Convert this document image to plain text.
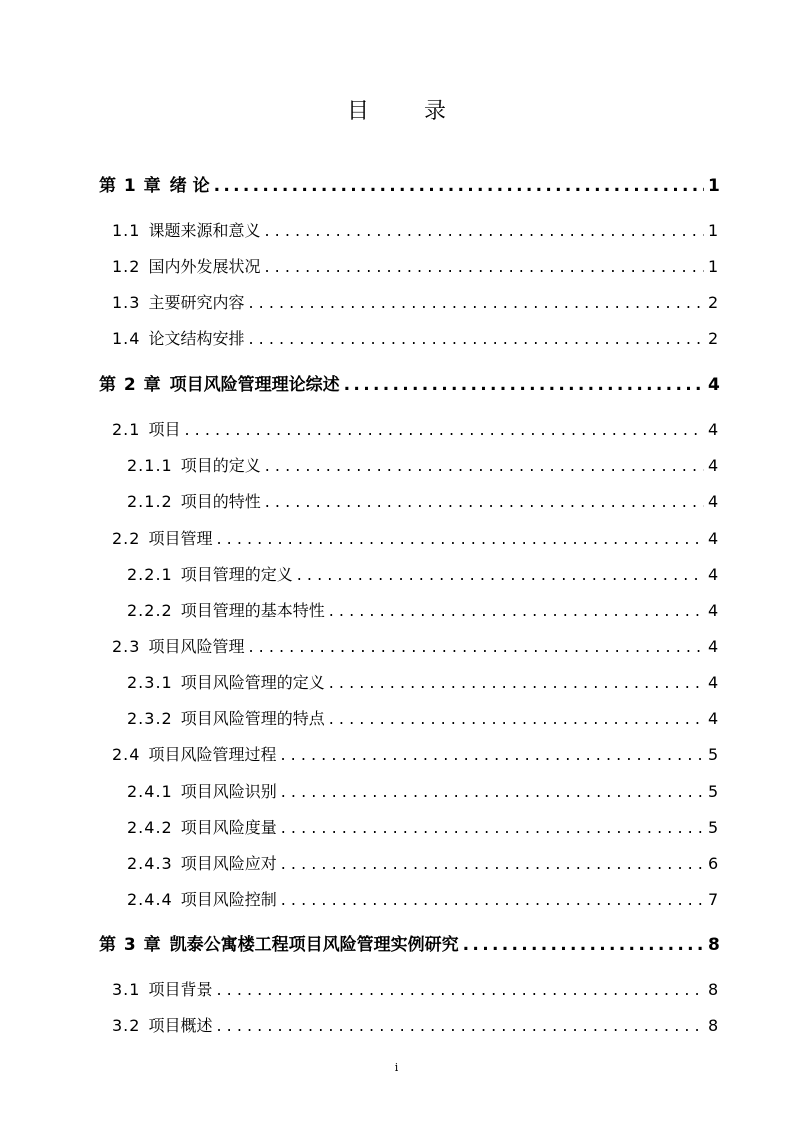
目 录
第 1 章 绪 论 .....	1
1.1 课题来源和意义 . . .	1
1.2 国内外发展状况 . . .	1
1.3 主要研究内容 . . .	2
1.4 论文结构安排 . . .	2
第 2 章 项目风险管理理论综述 .....	4
2.1 项目 . . .	4
2.1.1 项目的定义 . . .	4
2.1.2 项目的特性 . . .	4
2.2 项目管理 . . .	4
2.2.1 项目管理的定义 . . .	4
2.2.2 项目管理的基本特性 . . .	4
2.3 项目风险管理 . . .	4
2.3.1 项目风险管理的定义 . . .	4
2.3.2 项目风险管理的特点 . . .	4
2.4 项目风险管理过程 . . .	5
2.4.1 项目风险识别 . . .	5
2.4.2 项目风险度量 . . .	5
2.4.3 项目风险应对 . . .	6
2.4.4 项目风险控制 . . .	7
第 3 章 凯泰公寓楼工程项目风险管理实例研究 .....	8
3.1 项目背景 . . .	8
3.2 项目概述 . . .	8
i
